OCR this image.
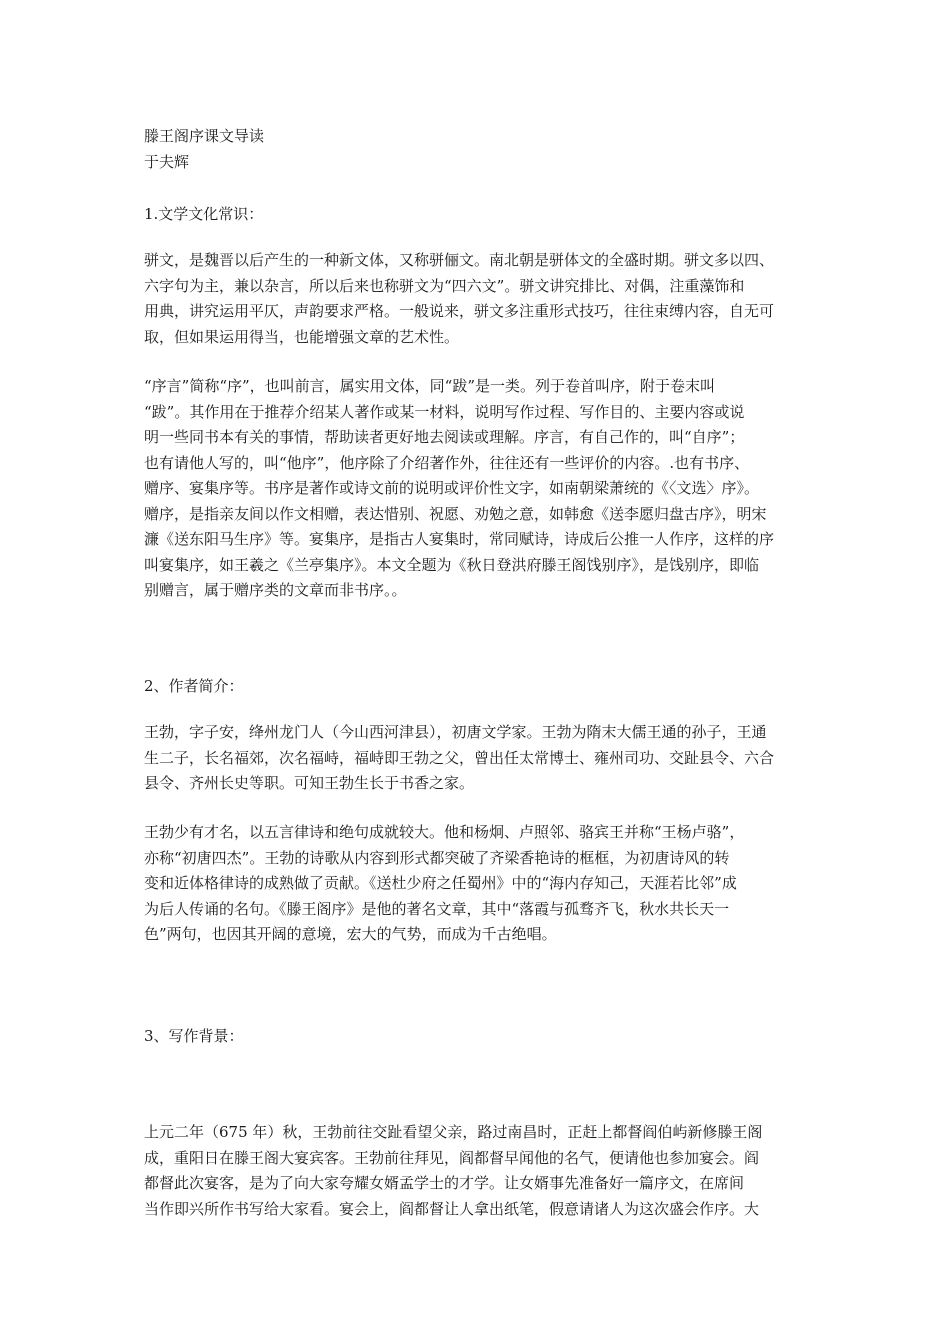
滕王阁序课文导读
于夫辉
1.文学文化常识：
骈文，是魏晋以后产生的一种新文体，又称骈俪文。南北朝是骈体文的全盛时期。骈文多以四、
六字句为主，兼以杂言，所以后来也称骈文为“四六文”。骈文讲究排比、对偶，注重藻饰和
用典，讲究运用平仄，声韵要求严格。一般说来，骈文多注重形式技巧，往往束缚内容，自无可
取，但如果运用得当，也能增强文章的艺术性。
“序言”简称“序”，也叫前言，属实用文体，同“跋”是一类。列于卷首叫序，附于卷末叫
“跋”。其作用在于推荐介绍某人著作或某一材料，说明写作过程、写作目的、主要内容或说
明一些同书本有关的事情，帮助读者更好地去阅读或理解。序言，有自己作的，叫“自序”；
也有请他人写的，叫“他序”，他序除了介绍著作外，往往还有一些评价的内容。.也有书序、
赠序、宴集序等。书序是著作或诗文前的说明或评价性文字，如南朝梁萧统的《〈文选〉序》。
赠序，是指亲友间以作文相赠，表达惜别、祝愿、劝勉之意，如韩愈《送李愿归盘古序》，明宋
濂《送东阳马生序》等。宴集序，是指古人宴集时，常同赋诗，诗成后公推一人作序，这样的序
叫宴集序，如王羲之《兰亭集序》。本文全题为《秋日登洪府滕王阁饯别序》，是饯别序，即临
别赠言，属于赠序类的文章而非书序。。
2、作者简介：
王勃，字子安，绛州龙门人（今山西河津县），初唐文学家。王勃为隋末大儒王通的孙子，王通
生二子，长名福郊，次名福峙，福峙即王勃之父，曾出任太常博士、雍州司功、交趾县令、六合
县令、齐州长史等职。可知王勃生长于书香之家。
王勃少有才名，以五言律诗和绝句成就较大。他和杨炯、卢照邻、骆宾王并称“王杨卢骆”，
亦称“初唐四杰”。王勃的诗歌从内容到形式都突破了齐梁香艳诗的框框，为初唐诗风的转
变和近体格律诗的成熟做了贡献。《送杜少府之任蜀州》中的“海内存知己，天涯若比邻”成
为后人传诵的名句。《滕王阁序》是他的著名文章，其中“落霞与孤骛齐飞，秋水共长天一
色”两句，也因其开阔的意境，宏大的气势，而成为千古绝唱。
3、写作背景：
上元二年（675 年）秋，王勃前往交趾看望父亲，路过南昌时，正赶上都督阎伯屿新修滕王阁
成，重阳日在滕王阁大宴宾客。王勃前往拜见，阎都督早闻他的名气，便请他也参加宴会。阎
都督此次宴客，是为了向大家夸耀女婿孟学士的才学。让女婿事先准备好一篇序文，在席间
当作即兴所作书写给大家看。宴会上，阎都督让人拿出纸笔，假意请诸人为这次盛会作序。大
